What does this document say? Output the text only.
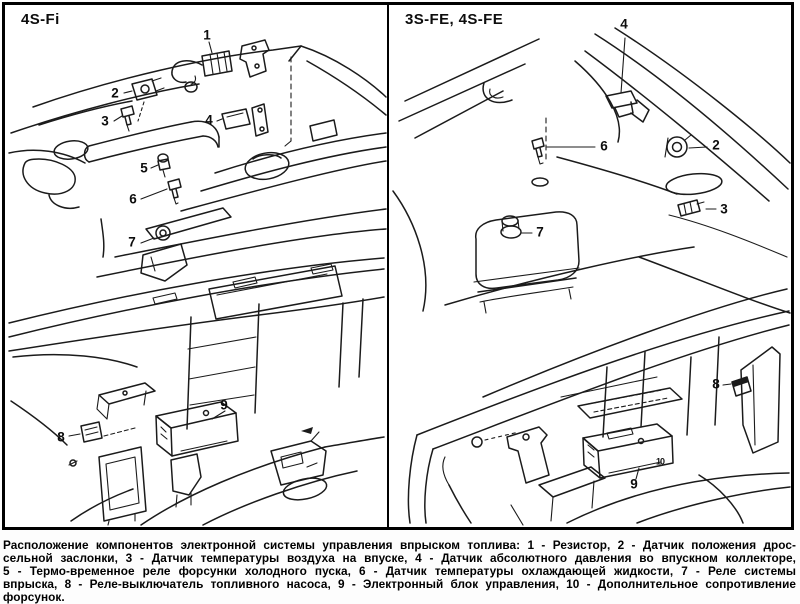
4S-Fi
1
2
3	4
5
6
7
8
9
3S-FE, 4S-FE	4
2
6
3
7
8
10
9
Расположение компонентов электронной системы управления впрыском топлива: 1 - Резистор, 2 - Датчик положения дрос-
сельной заслонки, 3 - Датчик температуры воздуха на впуске, 4 - Датчик абсолютного давления во впускном коллекторе,
5 - Термо-временное реле форсунки холодного пуска, 6 - Датчик температуры охлаждающей жидкости, 7 - Реле системы
впрыска, 8 - Реле-выключатель топливного насоса, 9 - Электронный блок управления, 10 - Дополнительное сопротивление
форсунок.
